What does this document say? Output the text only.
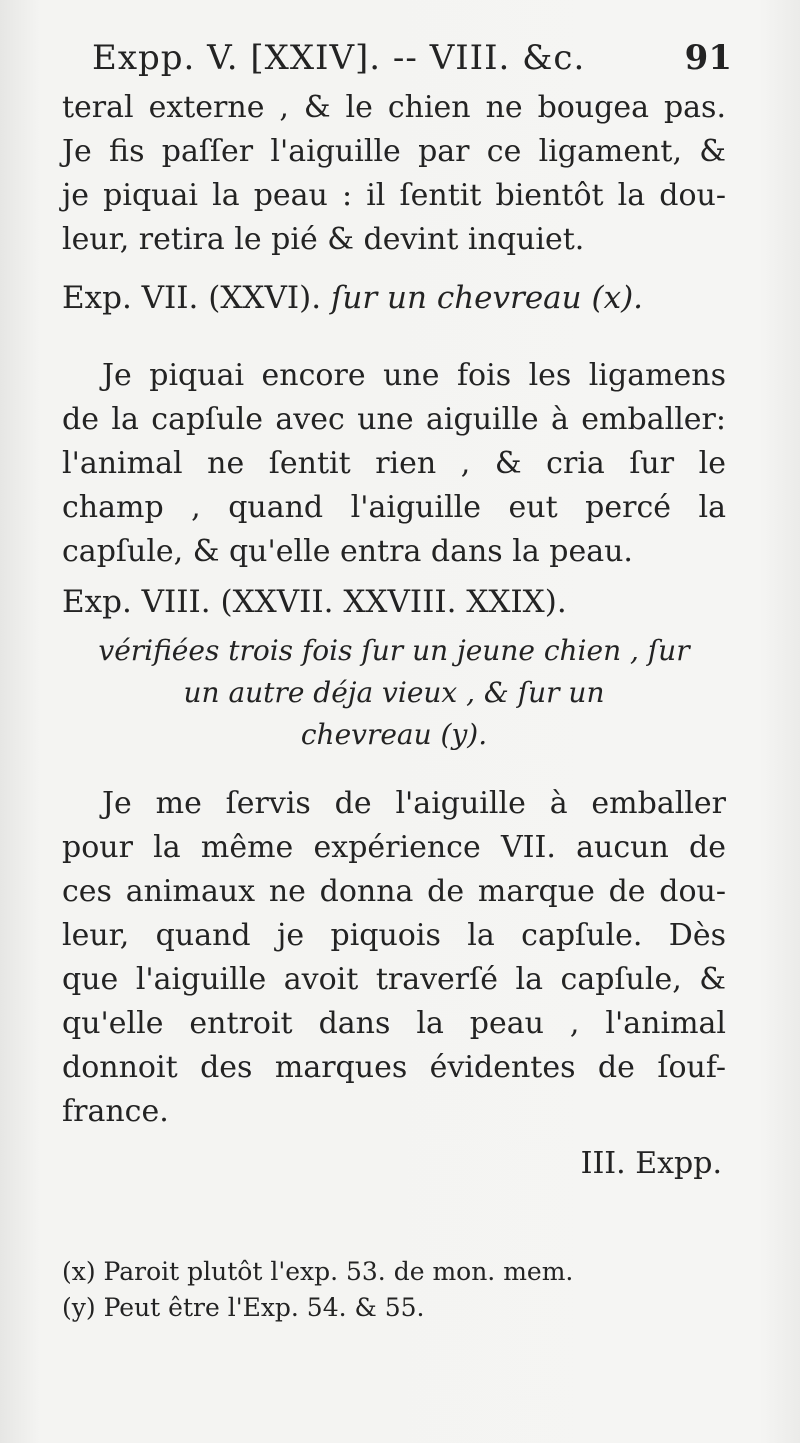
Expp. V. [XXIV]. -- VIII. &c.	91
teral externe , & le chien ne bougea pas.
Je fis paſſer l'aiguille par ce ligament, &
je piquai la peau : il ſentit bientôt la dou-
leur, retira le pié & devint inquiet.
Exp. VII. (XXVI). ſur un chevreau (x).
Je piquai encore une fois les ligamens
de la capſule avec une aiguille à emballer:
l'animal ne ſentit rien , & cria ſur le
champ , quand l'aiguille eut percé la
capſule, & qu'elle entra dans la peau.
Exp. VIII. (XXVII. XXVIII. XXIX).
vérifiées trois fois ſur un jeune chien , ſur
un autre déja vieux , & ſur un
chevreau (y).
Je me ſervis de l'aiguille à emballer
pour la même expérience VII. aucun de
ces animaux ne donna de marque de dou-
leur, quand je piquois la capſule. Dès
que l'aiguille avoit traverſé la capſule, &
qu'elle entroit dans la peau , l'animal
donnoit des marques évidentes de ſouf-
france.
III. Expp.
(x) Paroit plutôt l'exp. 53. de mon. mem.
(y) Peut être l'Exp. 54. & 55.
